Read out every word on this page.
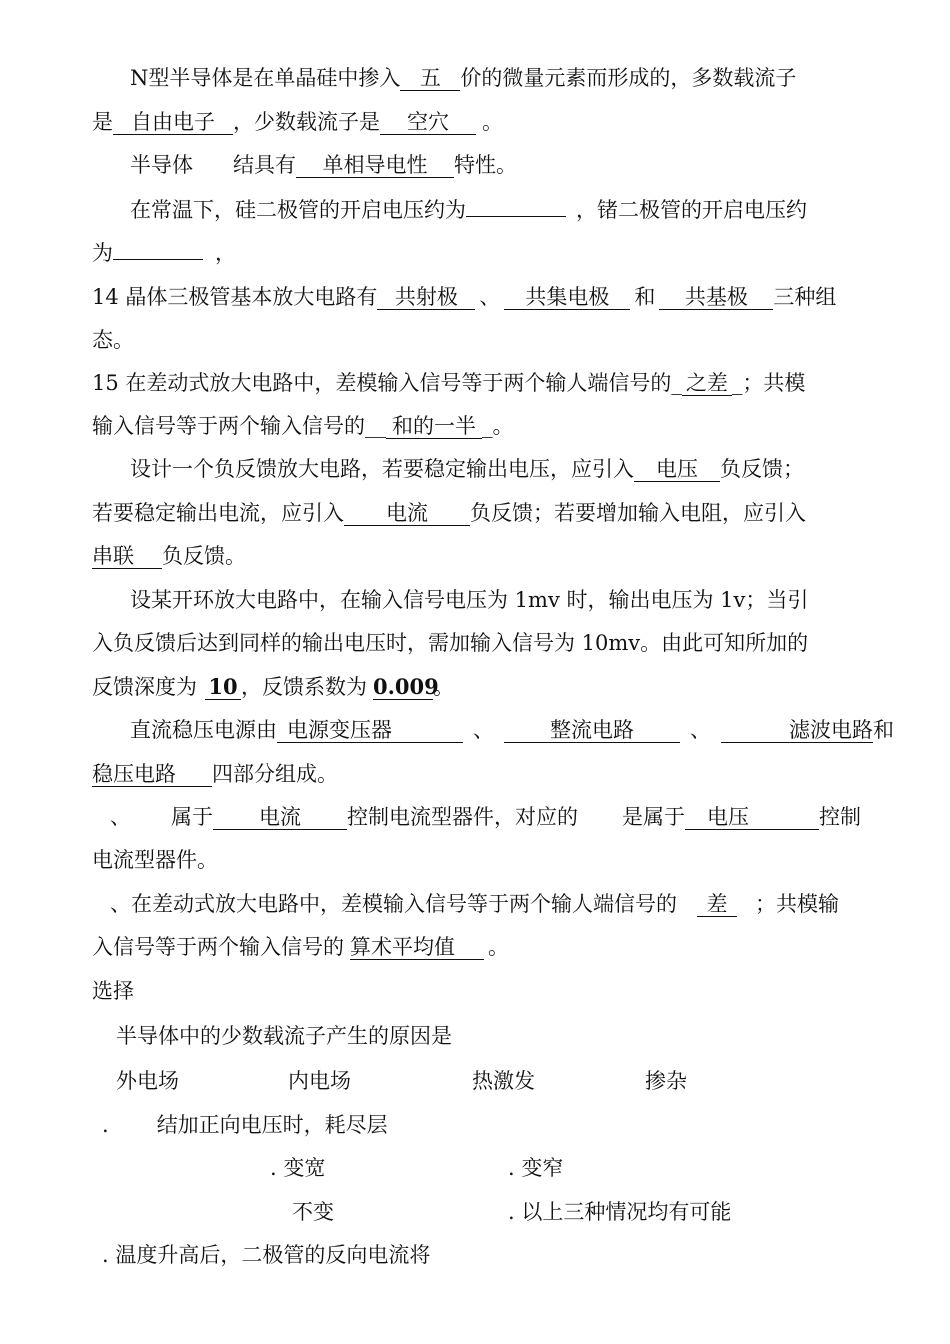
N型半导体是在单晶硅中掺入 五 价的微量元素而形成的，多数载流子
是 自由电子 ，少数载流子是 空穴 。
半导体 结具有 单相导电性 特性。
在常温下，硅二极管的开启电压约为	，锗二极管的开启电压约
为	，
14 晶体三极管基本放大电路有 共射极 、 共集电极 和 共基极 三种组
态。
15 在差动式放大电路中，差模输入信号等于两个输人端信号的_ 之差 _；共模
输入信号等于两个输入信号的__ 和的一半 _。
设计一个负反馈放大电路，若要稳定输出电压，应引入 电压 负反馈；
若要稳定输出电流，应引入 电流 负反馈；若要增加输入电阻，应引入
串联 负反馈。
设某开环放大电路中，在输入信号电压为 1mv 时，输出电压为 1v；当引
入负反馈后达到同样的输出电压时，需加输入信号为 10mv。由此可知所加的
反馈深度为 10 ，反馈系数为 0.009。
直流稳压电源由 电源变压器	、	整流电路	、	滤波电路和
稳压电路 四部分组成。
、 属于 电流 控制电流型器件，对应的 是属于 电压	控制
电流型器件。
、在差动式放大电路中，差模输入信号等于两个输人端信号的 差 ；共模输
入信号等于两个输入信号的 算术平均值 。
选择
半导体中的少数载流子产生的原因是
外电场	内电场	热激发	掺杂
. 结加正向电压时，耗尽层
. 变宽	. 变窄
不变	. 以上三种情况均有可能
. 温度升高后，二极管的反向电流将
